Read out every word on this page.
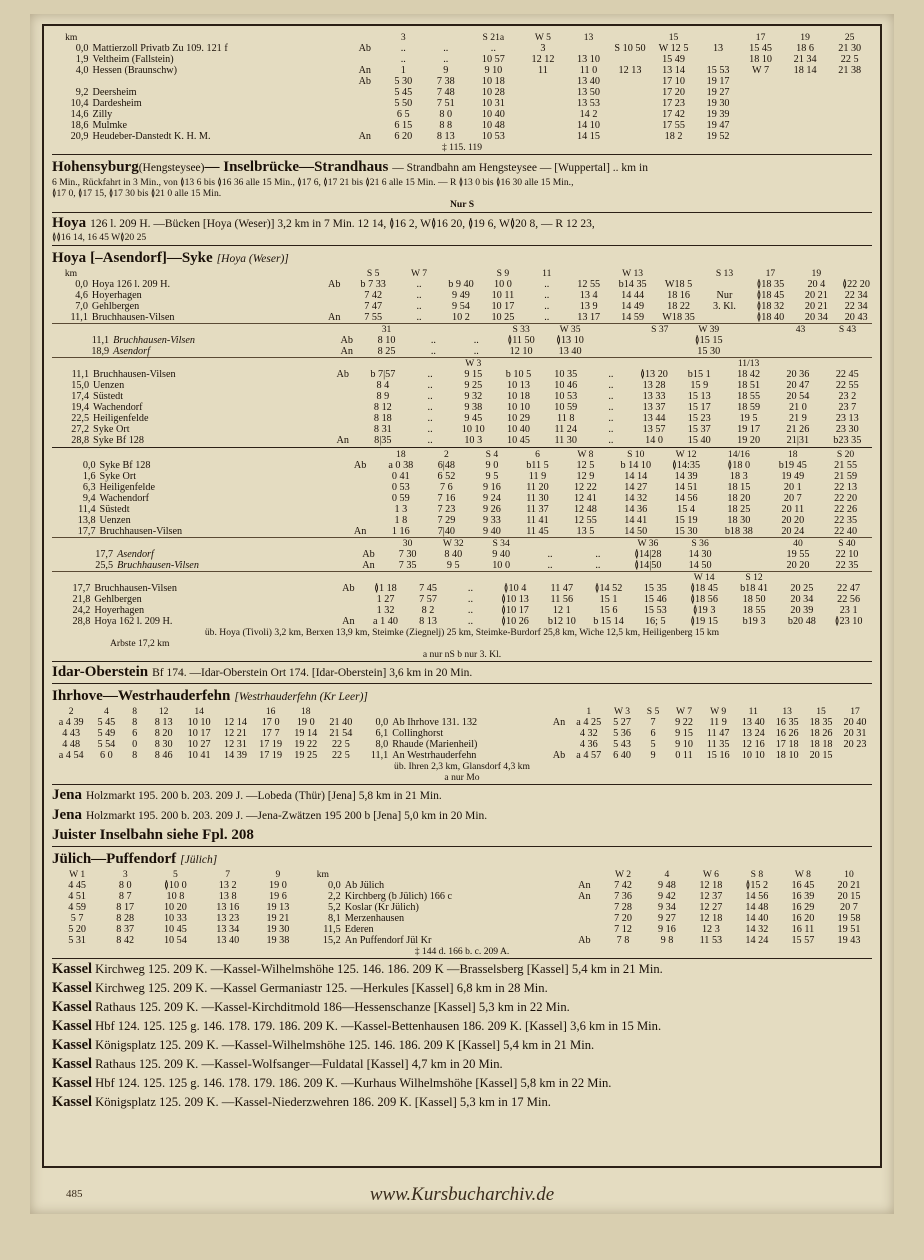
km			3		S 21a	W 5	13		15		17	19	25
0,0	Mattierzoll Privatb Zu 109. 121 f	Ab	..	..	..	3		S 10 50	W 12 5	13	15 45	18 6	21 30
1,9	Veltheim (Fallstein)		..	..	10 57	12 12	13 10		15 49		18 10	21 34	22 5
4,0	Hessen (Braunschw)	An	1	9	9 10	11	11 0	12 13	13 14	15 53	W 7	18 14	21 38
		Ab	5 30	7 38	10 18		13 40		17 10	19 17			
9,2	Deersheim		5 45	7 48	10 28		13 50		17 20	19 27			
10,4	Dardesheim		5 50	7 51	10 31		13 53		17 23	19 30			
14,6	Zilly		6 5	8 0	10 40		14 2		17 42	19 39			
18,6	Mulmke		6 15	8 8	10 48		14 10		17 55	19 47			
20,9	Heudeber-Danstedt K. H. M.	An	6 20	8 13	10 53		14 15		18 2	19 52			
‡ 115. 119
Hohensyburg(Hengsteysee)— Inselbrücke—Strandhaus — Strandbahn am Hengsteysee — [Wuppertal] .. km in
6 Min., Rückfahrt in 3 Min., von ≬13 6 bis ≬16 36 alle 15 Min., ≬17 6, ≬17 21 bis ≬21 6 alle 15 Min. — R ≬13 0 bis ≬16 30 alle 15 Min.,
≬17 0, ≬17 15, ≬17 30 bis ≬21 0 alle 15 Min.
Nur S
Hoya 126 l. 209 H. —Bücken [Hoya (Weser)] 3,2 km in 7 Min. 12 14, ≬16 2, W≬16 20, ≬19 6, W≬20 8, — R 12 23,
≬≬16 14, 16 45 W≬20 25
Hoya [–Asendorf]—Syke [Hoya (Weser)]
km			S 5	W 7		S 9	11		W 13		S 13	17	19	
0,0	Hoya 126 l. 209 H.	Ab	b 7 33	..	b 9 40	10 0	..	12 55	b14 35	W18 5		≬18 35	20 4	≬22 20
4,6	Hoyerhagen		7 42	..	9 49	10 11	..	13 4	14 44	18 16	Nur	≬18 45	20 21	22 34
7,0	Gehlbergen		7 47	..	9 54	10 17	..	13 9	14 49	18 22	3. Kl.	≬18 32	20 21	22 34
11,1	Bruchhausen-Vilsen	An	7 55	..	10 2	10 25	..	13 17	14 59	W18 35		≬18 40	20 34	20 43
			31			S 33	W 35		S 37	W 39		43	S 43
11,1	Bruchhausen-Vilsen	Ab	8 10	..	..	≬11 50	≬13 10			≬15 15			
18,9	Asendorf	An	8 25	..	..	12 10	13 40			15 30			
					W 3						11/13		
11,1	Bruchhausen-Vilsen	Ab	b 7|57	..	9 15	b 10 5	10 35	..	≬13 20	b15 1	18 42	20 36	22 45
15,0	Uenzen		8 4	..	9 25	10 13	10 46	..	13 28	15 9	18 51	20 47	22 55
17,4	Süstedt		8 9	..	9 32	10 18	10 53	..	13 33	15 13	18 55	20 54	23 2
19,4	Wachendorf		8 12	..	9 38	10 10	10 59	..	13 37	15 17	18 59	21 0	23 7
22,5	Heiligenfelde		8 18	..	9 45	10 29	11 8	..	13 44	15 23	19 5	21 9	23 13
27,2	Syke Ort		8 31	..	10 10	10 40	11 24	..	13 57	15 37	19 17	21 26	23 30
28,8	Syke Bf 128	An	8|35	..	10 3	10 45	11 30	..	14 0	15 40	19 20	21|31	b23 35
			18	2	S 4	6	W 8	S 10	W 12	14/16	18	S 20
0,0	Syke Bf 128	Ab	a 0 38	6|48	9 0	b11 5	12 5	b 14 10	≬14:35	≬18 0	b19 45	21 55
1,6	Syke Ort		0 41	6 52	9 5	11 9	12 9	14 14	14 39	18 3	19 49	21 59
6,3	Heiligenfelde		0 53	7 6	9 16	11 20	12 22	14 27	14 51	18 15	20 1	22 13
9,4	Wachendorf		0 59	7 16	9 24	11 30	12 41	14 32	14 56	18 20	20 7	22 20
11,4	Süstedt		1 3	7 23	9 26	11 37	12 48	14 36	15 4	18 25	20 11	22 26
13,8	Uenzen		1 8	7 29	9 33	11 41	12 55	14 41	15 19	18 30	20 20	22 35
17,7	Bruchhausen-Vilsen	An	1 16	7|40	9 40	11 45	13 5	14 50	15 30	b18 38	20 24	22 40
			30	W 32	S 34			W 36	S 36		40	S 40
17,7	Asendorf	Ab	7 30	8 40	9 40	..	..	≬14|28	14 30		19 55	22 10
25,5	Bruchhausen-Vilsen	An	7 35	9 5	10 0	..	..	≬14|50	14 50		20 20	22 35
										W 14	S 12		
17,7	Bruchhausen-Vilsen	Ab	≬1 18	7 45	..	≬10 4	11 47	≬14 52	15 35	≬18 45	b18 41	20 25	22 47
21,8	Gehlbergen		1 27	7 57	..	≬10 13	11 56	15 1	15 46	≬18 56	18 50	20 34	22 56
24,2	Hoyerhagen		1 32	8 2	..	≬10 17	12 1	15 6	15 53	≬19 3	18 55	20 39	23 1
28,8	Hoya 162 l. 209 H.	An	a 1 40	8 13	..	≬10 26	b12 10	b 15 14	16; 5	≬19 15	b19 3	b20 48	≬23 10
üb. Hoya (Tivoli) 3,2 km, Berxen 13,9 km, Steimke (Ziegnelj) 25 km, Steimke-Burdorf 25,8 km, Wiche 12,5 km, Heiligenberg 15 km
Arbste 17,2 km
a nur nS b nur 3. Kl.
Idar-Oberstein Bf 174. —Idar-Oberstein Ort 174. [Idar-Oberstein] 3,6 km in 20 Min.
Ihrhove—Westrhauderfehn [Westrhauderfehn (Kr Leer)]
2	4	8	12	14		16	18					1	W 3	S 5	W 7	W 9	11	13	15	17
a 4 39	5 45	8	8 13	10 10	12 14	17 0	19 0	21 40	0,0	Ab Ihrhove 131. 132	An	a 4 25	5 27	7	9 22	11 9	13 40	16 35	18 35	20 40
4 43	5 49	6	8 20	10 17	12 21	17 7	19 14	21 54	6,1	Collinghorst		4 32	5 36	6	9 15	11 47	13 24	16 26	18 26	20 31
4 48	5 54	0	8 30	10 27	12 31	17 19	19 22	22 5	8,0	Rhaude (Marienheil)		4 36	5 43	5	9 10	11 35	12 16	17 18	18 18	20 23
a 4 54	6 0	8	8 46	10 41	14 39	17 19	19 25	22 5	11,1	An Westrhauderfehn	Ab	a 4 57	6 40	9	0 11	15 16	10 10	18 10	20 15	
üb. Ihren 2,3 km, Glansdorf 4,3 km
a nur Mo
Jena Holzmarkt 195. 200 b. 203. 209 J. —Lobeda (Thür) [Jena] 5,8 km in 21 Min.
Jena Holzmarkt 195. 200 b. 203. 209 J. —Jena-Zwätzen 195 200 b [Jena] 5,0 km in 20 Min.
Juister Inselbahn siehe Fpl. 208
Jülich—Puffendorf [Jülich]
W 1	3	5	7	9	km			W 2	4	W 6	S 8	W 8	10
4 45	8 0	≬10 0	13 2	19 0	0,0	Ab Jülich	An	7 42	9 48	12 18	≬15 2	16 45	20 21
4 51	8 7	10 8	13 8	19 6	2,2	Kirchberg (b Jülich) 166 c	An	7 36	9 42	12 37	14 56	16 39	20 15
4 59	8 17	10 20	13 16	19 13	5,2	Koslar (Kr Jülich)		7 28	9 34	12 27	14 48	16 29	20 7
5 7	8 28	10 33	13 23	19 21	8,1	Merzenhausen		7 20	9 27	12 18	14 40	16 20	19 58
5 20	8 37	10 45	13 34	19 30	11,5	Ederen		7 12	9 16	12 3	14 32	16 11	19 51
5 31	8 42	10 54	13 40	19 38	15,2	An Puffendorf Jül Kr	Ab	7 8	9 8	11 53	14 24	15 57	19 43
‡ 144 d. 166 b. c. 209 A.
Kassel Kirchweg 125. 209 K. —Kassel-Wilhelmshöhe 125. 146. 186. 209 K —Brasselsberg [Kassel] 5,4 km in 21 Min.
Kassel Kirchweg 125. 209 K. —Kassel Germaniastr 125. —Herkules [Kassel] 6,8 km in 28 Min.
Kassel Rathaus 125. 209 K. —Kassel-Kirchditmold 186—Hessenschanze [Kassel] 5,3 km in 22 Min.
Kassel Hbf 124. 125. 125 g. 146. 178. 179. 186. 209 K. —Kassel-Bettenhausen 186. 209 K. [Kassel] 3,6 km in 15 Min.
Kassel Königsplatz 125. 209 K. —Kassel-Wilhelmshöhe 125. 146. 186. 209 K [Kassel] 5,4 km in 21 Min.
Kassel Rathaus 125. 209 K. —Kassel-Wolfsanger—Fuldatal [Kassel] 4,7 km in 20 Min.
Kassel Hbf 124. 125. 125 g. 146. 178. 179. 186. 209 K. —Kurhaus Wilhelmshöhe [Kassel] 5,8 km in 22 Min.
Kassel Königsplatz 125. 209 K. —Kassel-Niederzwehren 186. 209 K. [Kassel] 5,3 km in 17 Min.
485	www.Kursbucharchiv.de
